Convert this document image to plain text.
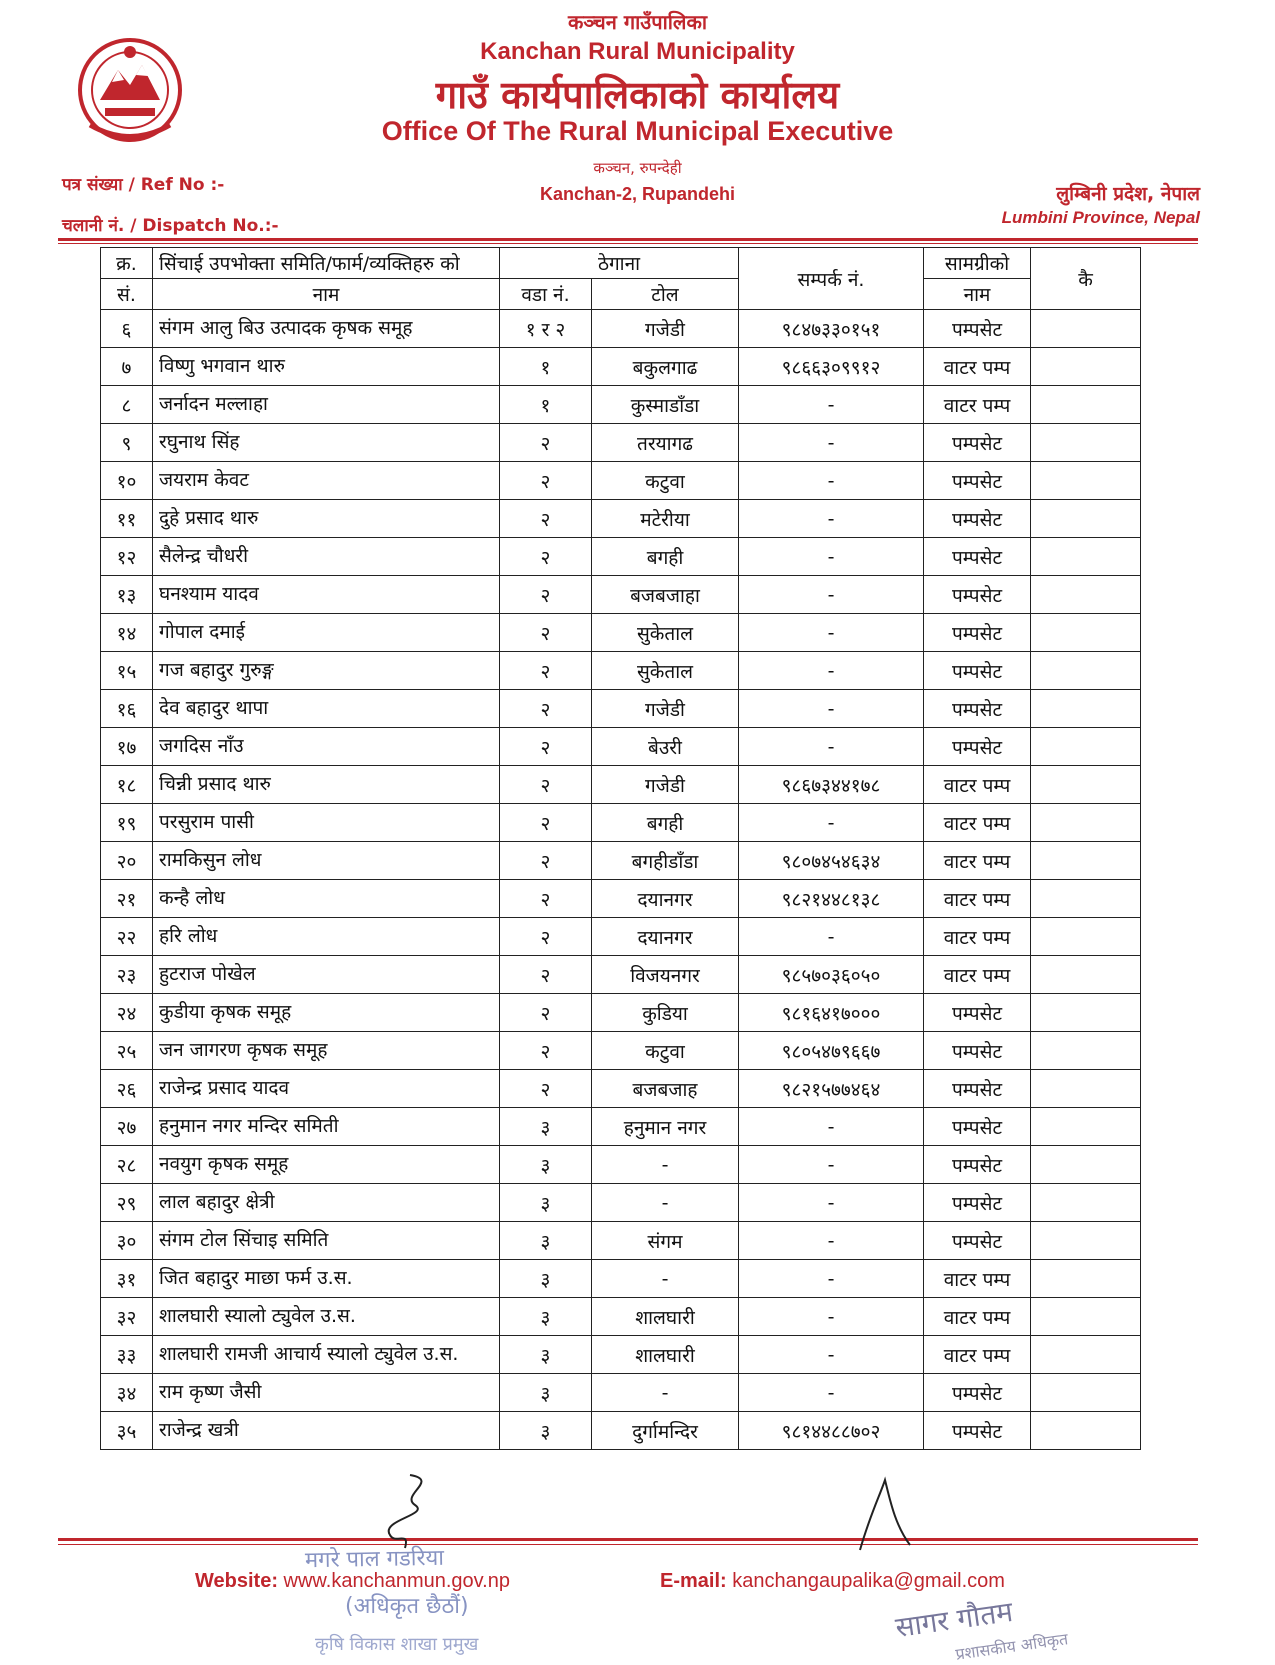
कञ्चन गाउँपालिका
Kanchan Rural Municipality
गाउँ कार्यपालिकाको कार्यालय
Office Of The Rural Municipal Executive
कञ्चन, रुपन्देही
Kanchan-2, Rupandehi
पत्र संख्या / Ref No :-
चलानी नं. / Dispatch No.:-
लुम्बिनी प्रदेश, नेपाल
Lumbini Province, Nepal
क्र.	सिंचाई उपभोक्ता समिति/फार्म/व्यक्तिहरु को	ठेगाना		सम्पर्क नं.	सामग्रीको	कै
सं.	नाम	वडा नं.	टोल		नाम	
६	संगम आलु बिउ उत्पादक कृषक समूह	१ र २	गजेडी	९८४७३३०१५१	पम्पसेट	
७	विष्णु भगवान थारु	१	बकुलगाढ	९८६६३०९९१२	वाटर पम्प	
८	जर्नादन मल्लाहा	१	कुस्माडाँडा	-	वाटर पम्प	
९	रघुनाथ सिंह	२	तरयागढ	-	पम्पसेट	
१०	जयराम केवट	२	कटुवा	-	पम्पसेट	
११	दुहे प्रसाद थारु	२	मटेरीया	-	पम्पसेट	
१२	सैलेन्द्र चौधरी	२	बगही	-	पम्पसेट	
१३	घनश्याम यादव	२	बजबजाहा	-	पम्पसेट	
१४	गोपाल दमाई	२	सुकेताल	-	पम्पसेट	
१५	गज बहादुर गुरुङ्ग	२	सुकेताल	-	पम्पसेट	
१६	देव बहादुर थापा	२	गजेडी	-	पम्पसेट	
१७	जगदिस नाँउ	२	बेउरी	-	पम्पसेट	
१८	चिन्नी प्रसाद थारु	२	गजेडी	९८६७३४४१७८	वाटर पम्प	
१९	परसुराम पासी	२	बगही	-	वाटर पम्प	
२०	रामकिसुन लोध	२	बगहीडाँडा	९८०७४५४६३४	वाटर पम्प	
२१	कन्है लोध	२	दयानगर	९८२१४४८१३८	वाटर पम्प	
२२	हरि लोध	२	दयानगर	-	वाटर पम्प	
२३	हुटराज पोखेल	२	विजयनगर	९८५७०३६०५०	वाटर पम्प	
२४	कुडीया कृषक समूह	२	कुडिया	९८१६४१७०००	पम्पसेट	
२५	जन जागरण कृषक समूह	२	कटुवा	९८०५४७९६६७	पम्पसेट	
२६	राजेन्द्र प्रसाद यादव	२	बजबजाह	९८२१५७७४६४	पम्पसेट	
२७	हनुमान नगर मन्दिर समिती	३	हनुमान नगर	-	पम्पसेट	
२८	नवयुग कृषक समूह	३	-	-	पम्पसेट	
२९	लाल बहादुर क्षेत्री	३	-	-	पम्पसेट	
३०	संगम टोल सिंचाइ समिति	३	संगम	-	पम्पसेट	
३१	जित बहादुर माछा फर्म उ.स.	३	-	-	वाटर पम्प	
३२	शालघारी स्यालो ट्युवेल उ.स.	३	शालघारी	-	वाटर पम्प	
३३	शालघारी रामजी आचार्य स्यालो ट्युवेल उ.स.	३	शालघारी	-	वाटर पम्प	
३४	राम कृष्ण जैसी	३	-	-	पम्पसेट	
३५	राजेन्द्र खत्री	३	दुर्गामन्दिर	९८१४४८८७०२	पम्पसेट	
Website: www.kanchanmun.gov.np	E-mail: kanchangaupalika@gmail.com
मगरे पाल गडरिया
(अधिकृत छैठौं)
कृषि विकास शाखा प्रमुख
सागर गौतम
प्रशासकीय अधिकृत
